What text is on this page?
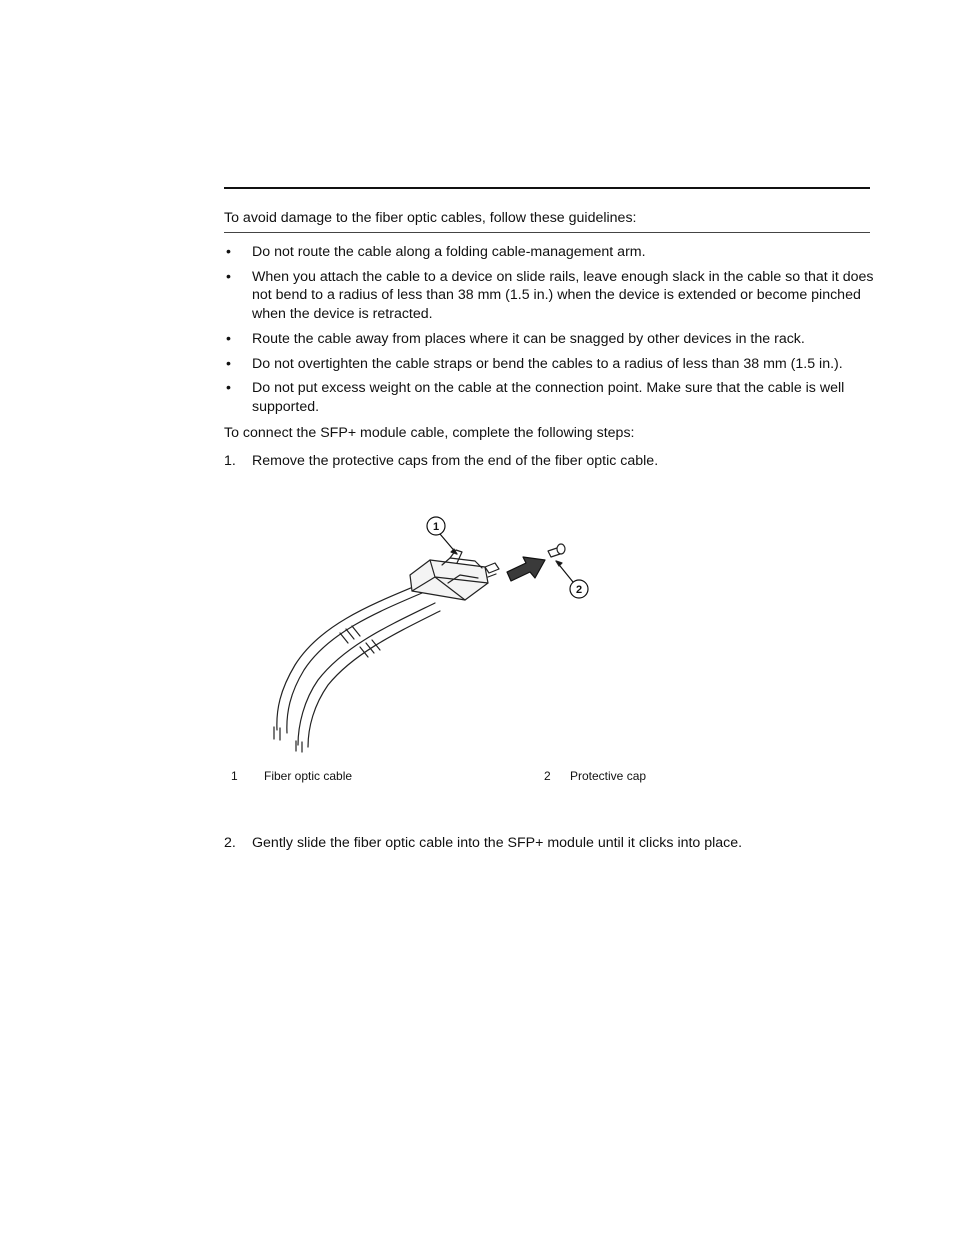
To avoid damage to the fiber optic cables, follow these guidelines:
• Do not route the cable along a folding cable-management arm.
• When you attach the cable to a device on slide rails, leave enough slack in the cable so that it does not bend to a radius of less than 38 mm (1.5 in.) when the device is extended or become pinched when the device is retracted.
• Route the cable away from places where it can be snagged by other devices in the rack.
• Do not overtighten the cable straps or bend the cables to a radius of less than 38 mm (1.5 in.).
• Do not put excess weight on the cable at the connection point. Make sure that the cable is well supported.
To connect the SFP+ module cable, complete the following steps:
1. Remove the protective caps from the end of the fiber optic cable.
1
2
1 Fiber optic cable	2 Protective cap
2. Gently slide the fiber optic cable into the SFP+ module until it clicks into place.
